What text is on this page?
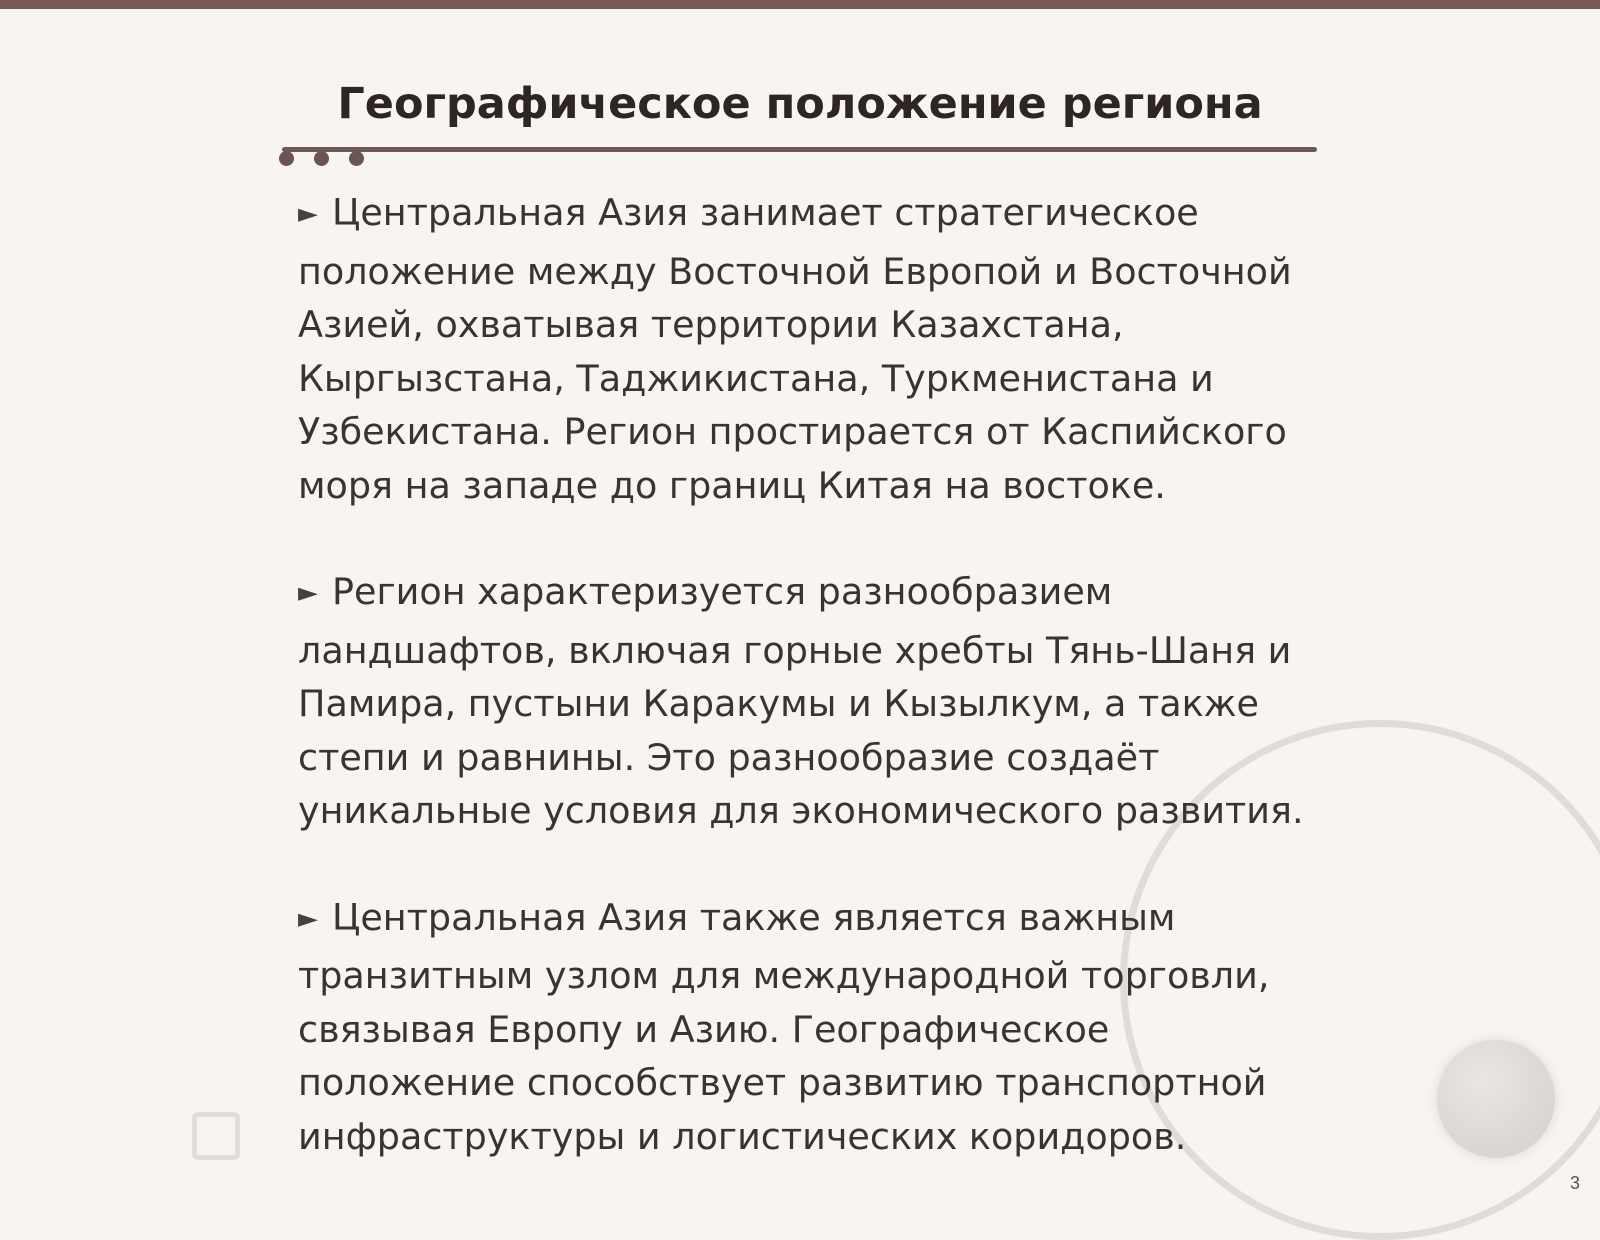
Географическое положение региона

► Центральная Азия занимает стратегическое положение между Восточной Европой и Восточной Азией, охватывая территории Казахстана, Кыргызстана, Таджикистана, Туркменистана и Узбекистана. Регион простирается от Каспийского моря на западе до границ Китая на востоке.

► Регион характеризуется разнообразием ландшафтов, включая горные хребты Тянь-Шаня и Памира, пустыни Каракумы и Кызылкум, а также степи и равнины. Это разнообразие создаёт уникальные условия для экономического развития.

► Центральная Азия также является важным транзитным узлом для международной торговли, связывая Европу и Азию. Географическое положение способствует развитию транспортной инфраструктуры и логистических коридоров.

3
